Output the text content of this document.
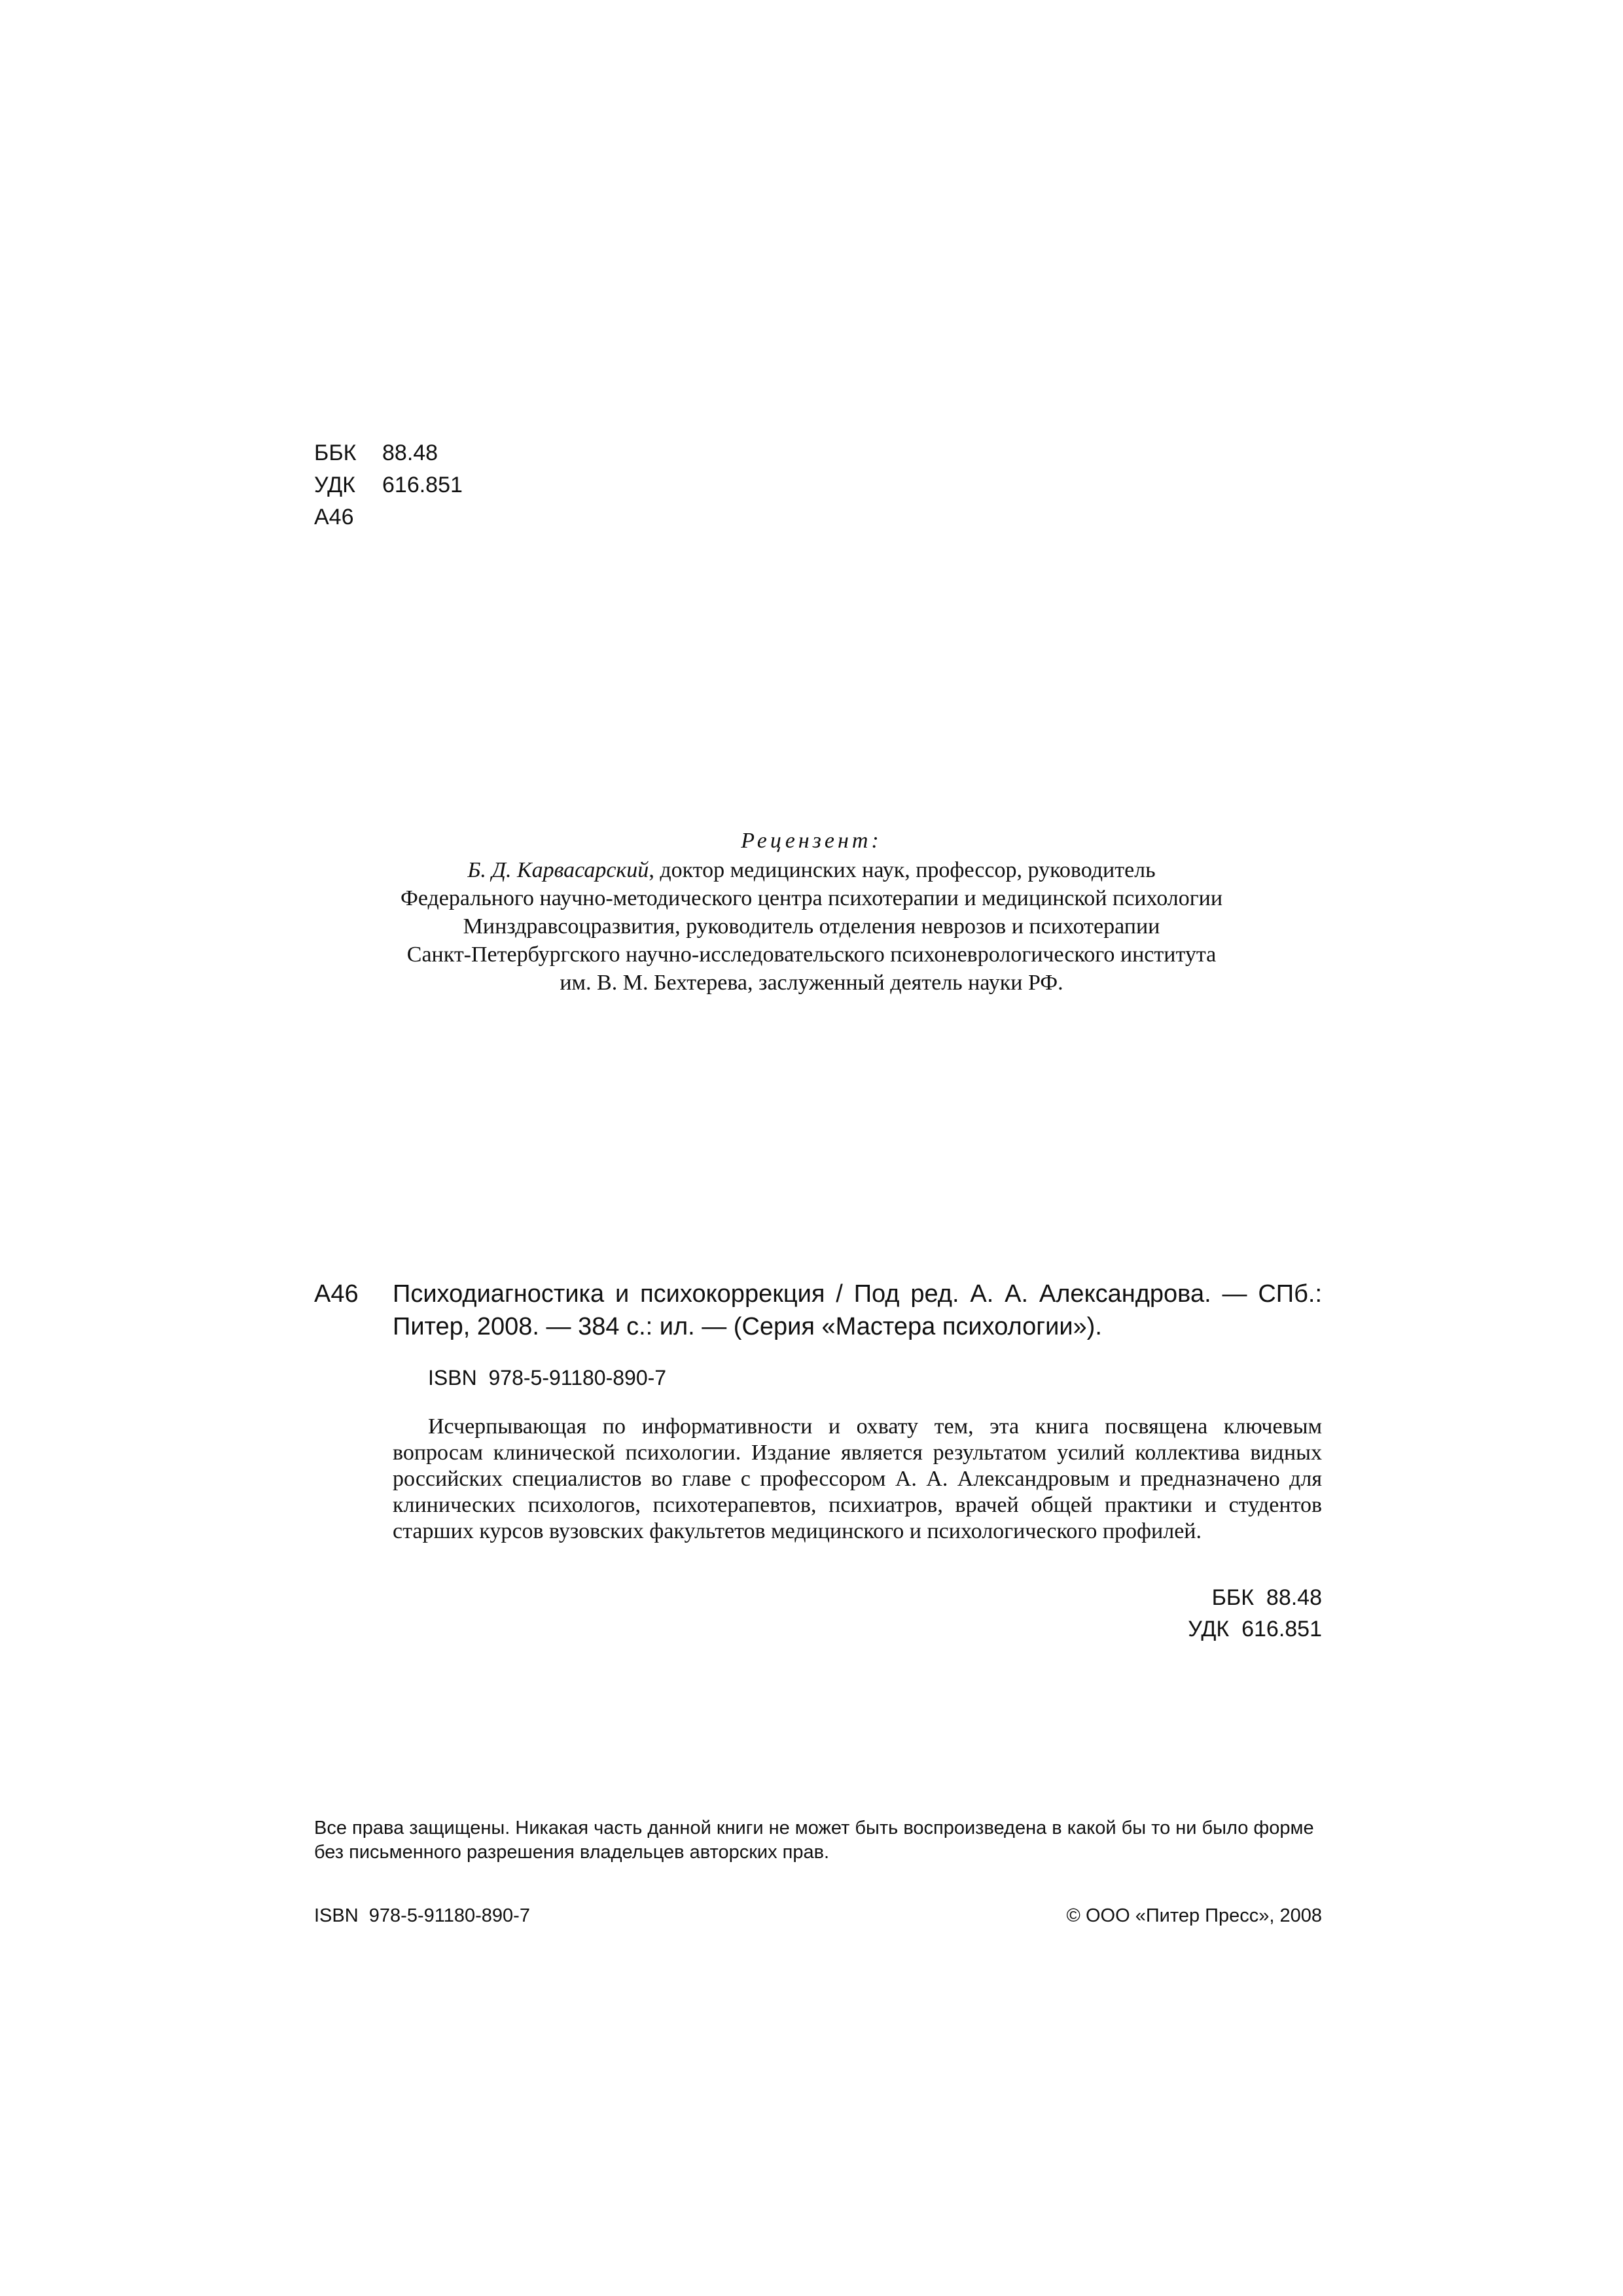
ББК 88.48
УДК 616.851
А46
Рецензент:
Б. Д. Карвасарский, доктор медицинских наук, профессор, руководитель
Федерального научно-методического центра психотерапии и медицинской психологии
Минздравсоцразвития, руководитель отделения неврозов и психотерапии
Санкт-Петербургского научно-исследовательского психоневрологического института
им. В. М. Бехтерева, заслуженный деятель науки РФ.
А46 Психодиагностика и психокоррекция / Под ред. А. А. Александрова. — СПб.: Питер, 2008. — 384 с.: ил. — (Серия «Мастера психологии»).
ISBN  978-5-91180-890-7

Исчерпывающая по информативности и охвату тем, эта книга посвящена ключевым вопросам клинической психологии. Издание является результатом усилий коллектива видных российских специалистов во главе с профессором А. А. Александровым и предназначено для клинических психологов, психотерапевтов, психиатров, врачей общей практики и студентов старших курсов вузовских факультетов медицинского и психологического профилей.

ББК  88.48
УДК  616.851
Все права защищены. Никакая часть данной книги не может быть воспроизведена в какой бы то ни было форме без письменного разрешения владельцев авторских прав.
ISBN  978-5-91180-890-7	© ООО «Питер Пресс», 2008
